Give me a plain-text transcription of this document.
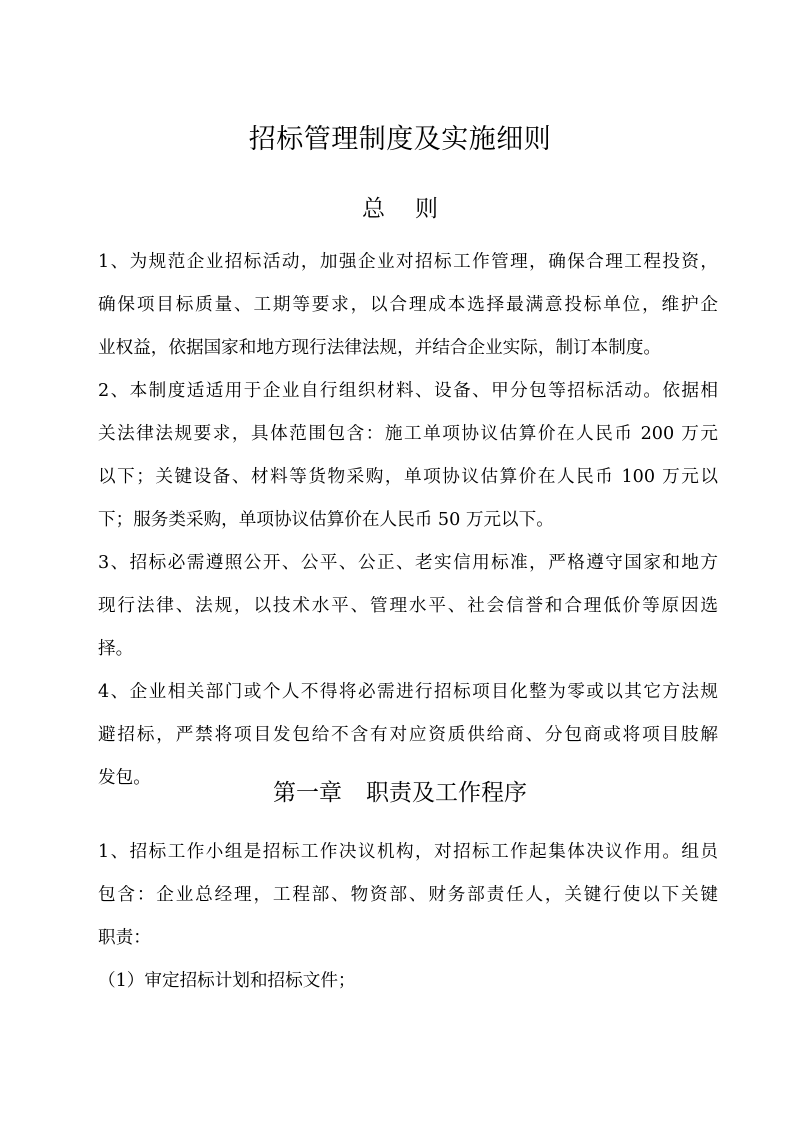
招标管理制度及实施细则
总 则
1、为规范企业招标活动，加强企业对招标工作管理，确保合理工程投资，
确保项目标质量、工期等要求，以合理成本选择最满意投标单位，维护企
业权益，依据国家和地方现行法律法规，并结合企业实际，制订本制度。
2、本制度适适用于企业自行组织材料、设备、甲分包等招标活动。依据相
关法律法规要求，具体范围包含：施工单项协议估算价在人民币 200 万元
以下；关键设备、材料等货物采购，单项协议估算价在人民币 100 万元以
下；服务类采购，单项协议估算价在人民币 50 万元以下。
3、招标必需遵照公开、公平、公正、老实信用标准，严格遵守国家和地方
现行法律、法规，以技术水平、管理水平、社会信誉和合理低价等原因选
择。
4、企业相关部门或个人不得将必需进行招标项目化整为零或以其它方法规
避招标，严禁将项目发包给不含有对应资质供给商、分包商或将项目肢解
发包。
第一章 职责及工作程序
1、招标工作小组是招标工作决议机构，对招标工作起集体决议作用。组员
包含：企业总经理，工程部、物资部、财务部责任人，关键行使以下关键
职责：
（1）审定招标计划和招标文件；
